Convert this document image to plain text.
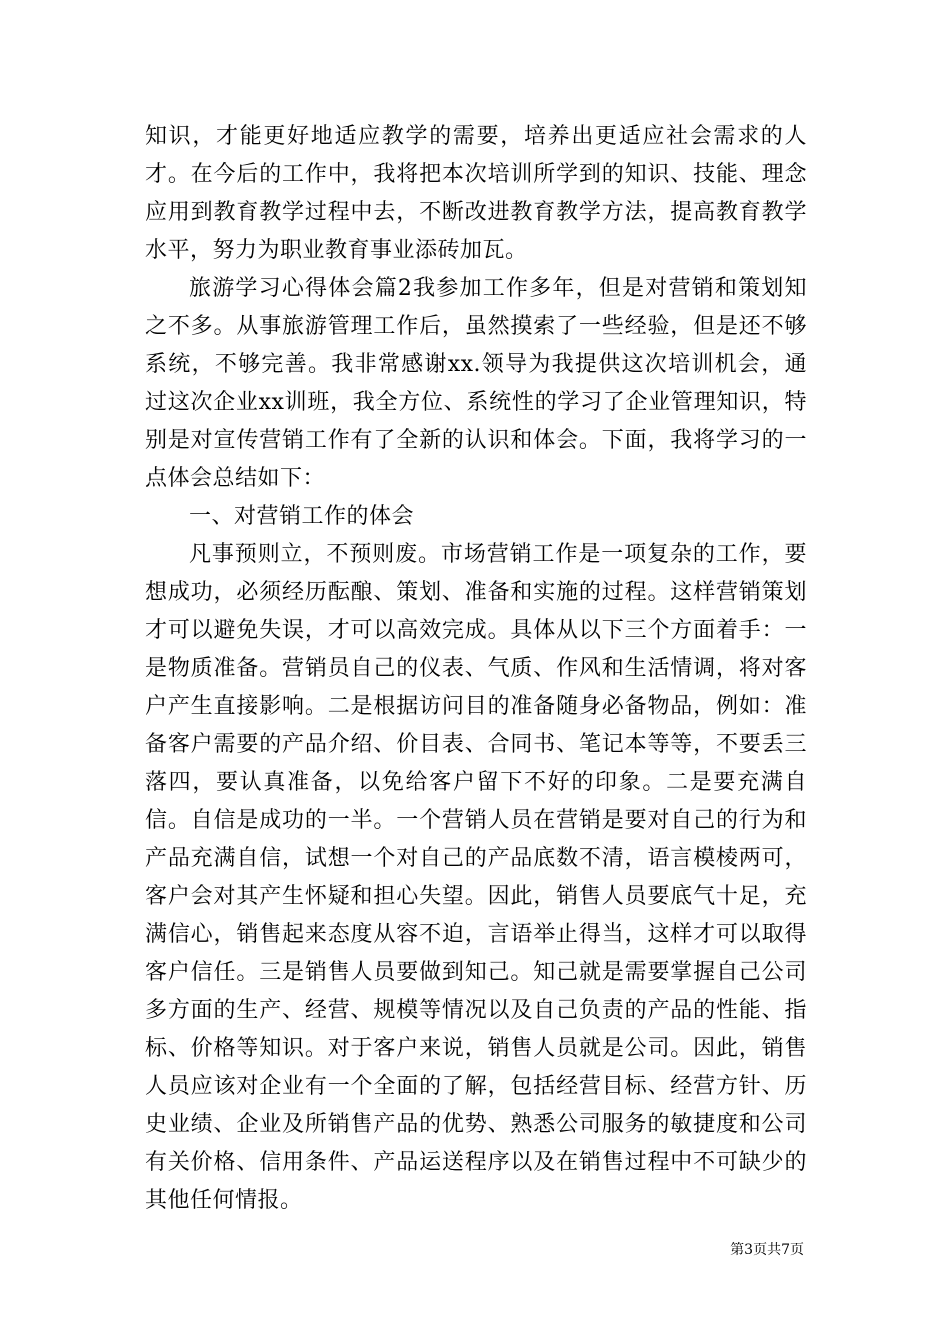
知识，才能更好地适应教学的需要，培养出更适应社会需求的人才。在今后的工作中，我将把本次培训所学到的知识、技能、理念应用到教育教学过程中去，不断改进教育教学方法，提高教育教学水平，努力为职业教育事业添砖加瓦。

旅游学习心得体会篇2我参加工作多年，但是对营销和策划知之不多。从事旅游管理工作后，虽然摸索了一些经验，但是还不够系统，不够完善。我非常感谢xx.领导为我提供这次培训机会，通过这次企业xx训班，我全方位、系统性的学习了企业管理知识，特别是对宣传营销工作有了全新的认识和体会。下面，我将学习的一点体会总结如下：

一、对营销工作的体会

凡事预则立，不预则废。市场营销工作是一项复杂的工作，要想成功，必须经历酝酿、策划、准备和实施的过程。这样营销策划才可以避免失误，才可以高效完成。具体从以下三个方面着手：一是物质准备。营销员自己的仪表、气质、作风和生活情调，将对客户产生直接影响。二是根据访问目的准备随身必备物品，例如：准备客户需要的产品介绍、价目表、合同书、笔记本等等，不要丢三落四，要认真准备，以免给客户留下不好的印象。二是要充满自信。自信是成功的一半。一个营销人员在营销是要对自己的行为和产品充满自信，试想一个对自己的产品底数不清，语言模棱两可，客户会对其产生怀疑和担心失望。因此，销售人员要底气十足，充满信心，销售起来态度从容不迫，言语举止得当，这样才可以取得客户信任。三是销售人员要做到知己。知己就是需要掌握自己公司多方面的生产、经营、规模等情况以及自己负责的产品的性能、指标、价格等知识。对于客户来说，销售人员就是公司。因此，销售人员应该对企业有一个全面的了解，包括经营目标、经营方针、历史业绩、企业及所销售产品的优势、熟悉公司服务的敏捷度和公司有关价格、信用条件、产品运送程序以及在销售过程中不可缺少的其他任何情报。

第3页共7页
